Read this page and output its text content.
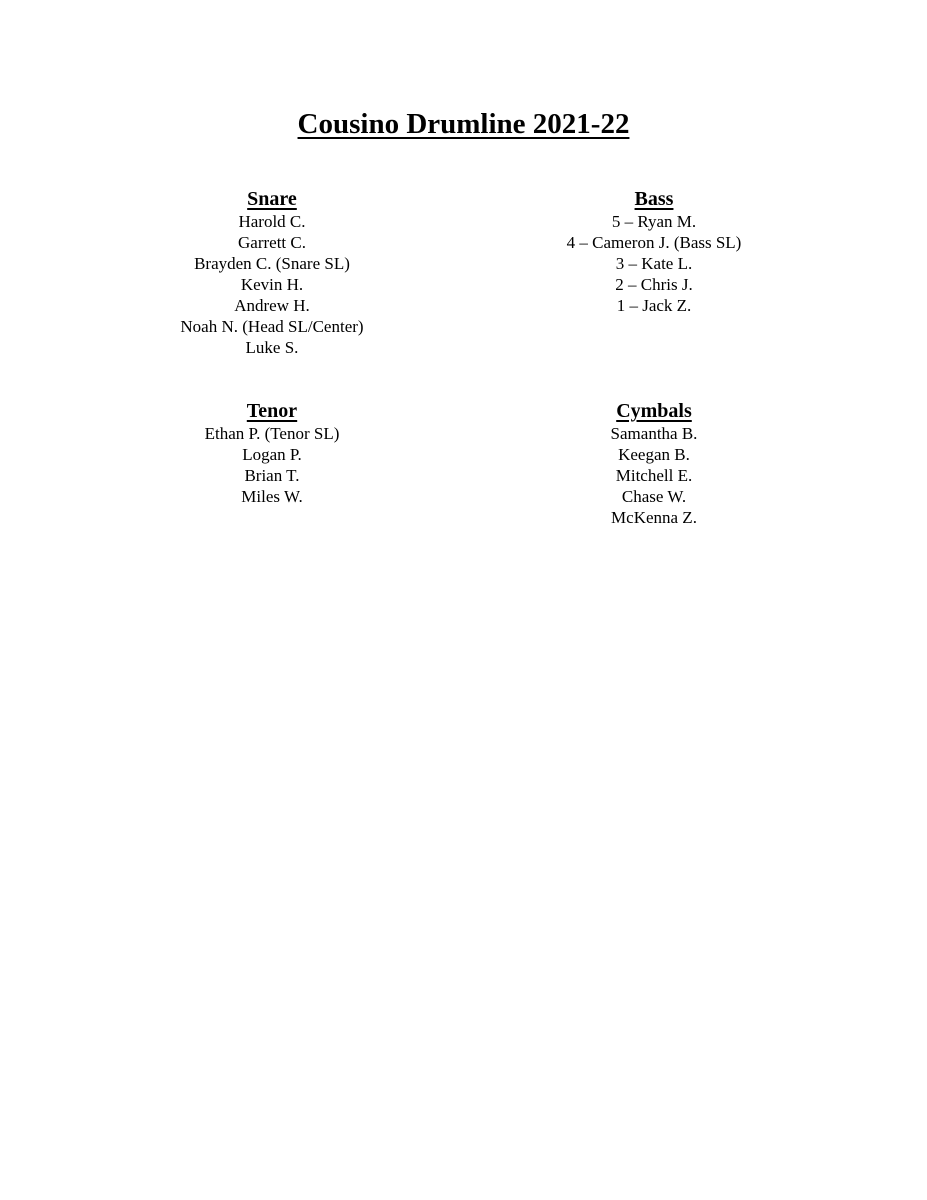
Cousino Drumline 2021-22
Snare
Harold C.
Garrett C.
Brayden C. (Snare SL)
Kevin H.
Andrew H.
Noah N. (Head SL/Center)
Luke S.
Bass
5 – Ryan M.
4 – Cameron J. (Bass SL)
3 – Kate L.
2 – Chris J.
1 – Jack Z.
Tenor
Ethan P. (Tenor SL)
Logan P.
Brian T.
Miles W.
Cymbals
Samantha B.
Keegan B.
Mitchell E.
Chase W.
McKenna Z.
